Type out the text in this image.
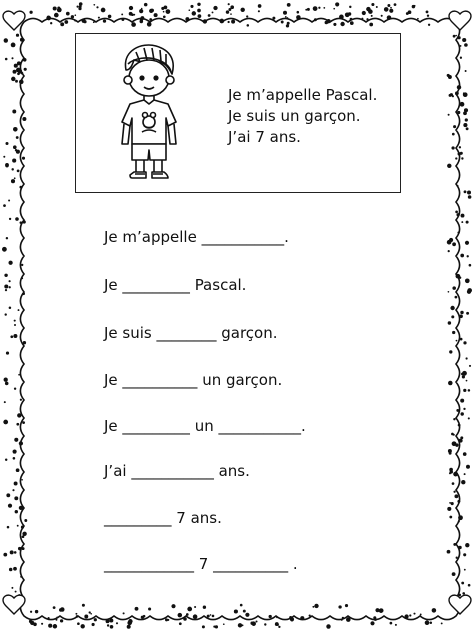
Je m’appelle Pascal.
Je suis un garçon.
J’ai 7 ans.
Je m’appelle ___________.
Je _________ Pascal.
Je suis ________ garçon.
Je __________ un garçon.
Je _________ un ___________.
J’ai ___________ ans.
_________ 7 ans.
____________ 7 __________ .
